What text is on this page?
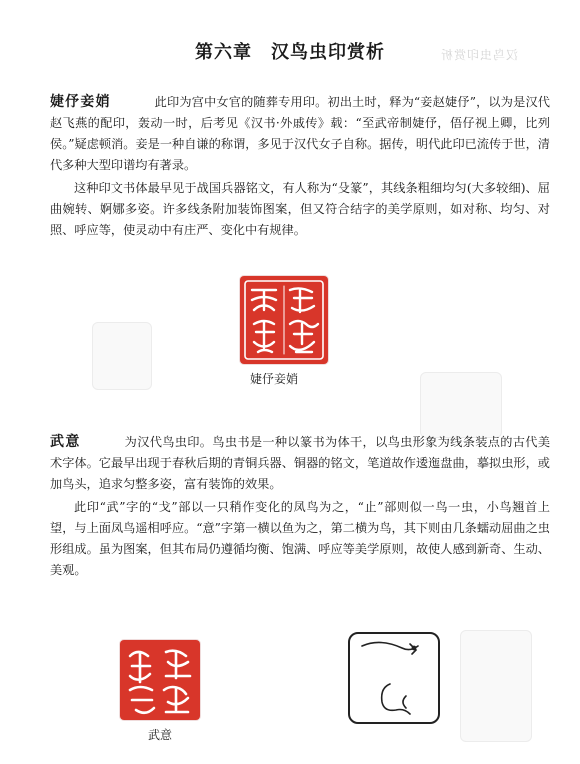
汉鸟虫印赏析
第六章　汉鸟虫印赏析

婕伃妾娋	此印为宫中女官的随葬专用印。初出土时，释为“妾赵婕伃”，以为是汉代赵飞燕的配印，轰动一时，后考见《汉书·外戚传》载：“至武帝制婕伃，俉仔视上卿，比列侯。”疑虑顿消。妾是一种自谦的称谓，多见于汉代女子自称。据传，明代此印已流传于世，清代多种大型印谱均有著录。

这种印文书体最早见于战国兵器铭文，有人称为“殳篆”，其线条粗细均匀(大多较细)、屈曲婉转、婀娜多姿。许多线条附加装饰图案，但又符合结字的美学原则，如对称、均匀、对照、呼应等，使灵动中有庄严、变化中有规律。

婕伃妾娋

武意	为汉代鸟虫印。鸟虫书是一种以篆书为体干，以鸟虫形象为线条装点的古代美术字体。它最早出现于春秋后期的青铜兵器、铜器的铭文，笔道故作逶迤盘曲，摹拟虫形，或加鸟头，追求匀整多姿，富有装饰的效果。

此印“武”字的“戈”部以一只稍作变化的凤鸟为之，“止”部则似一鸟一虫，小鸟翘首上望，与上面凤鸟遥相呼应。“意”字第一横以鱼为之，第二横为鸟，其下则由几条蠕动屈曲之虫形组成。虽为图案，但其布局仍遵循均衡、饱满、呼应等美学原则，故使人感到新奇、生动、美观。

武意
